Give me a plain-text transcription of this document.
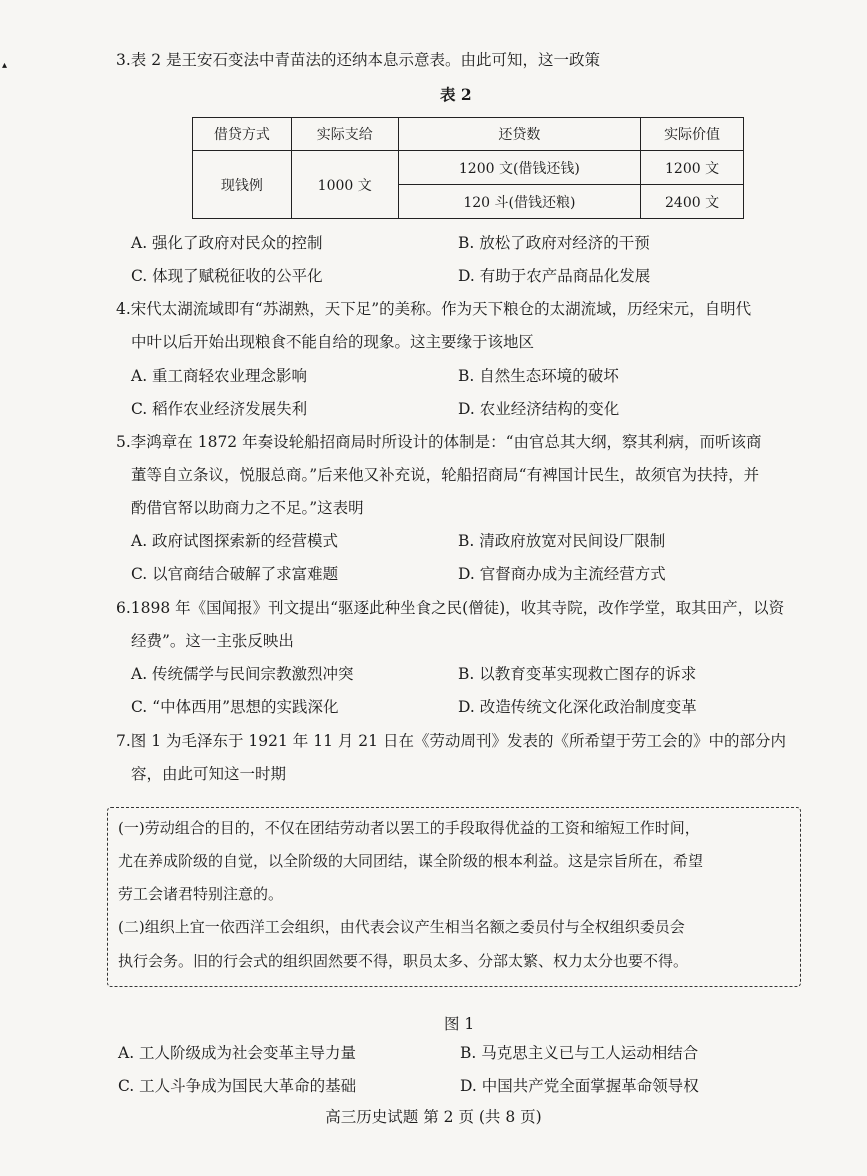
▴	3.表 2 是王安石变法中青苗法的还纳本息示意表。由此可知，这一政策
表 2
借贷方式	实际支给	还贷数	实际价值
现钱例	1000 文	1200 文(借钱还钱)	1200 文
		120 斗(借钱还粮)	2400 文
A. 强化了政府对民众的控制	B. 放松了政府对经济的干预
C. 体现了赋税征收的公平化	D. 有助于农产品商品化发展
4.宋代太湖流域即有“苏湖熟，天下足”的美称。作为天下粮仓的太湖流域，历经宋元，自明代
中叶以后开始出现粮食不能自给的现象。这主要缘于该地区
A. 重工商轻农业理念影响	B. 自然生态环境的破坏
C. 稻作农业经济发展失利	D. 农业经济结构的变化
5.李鸿章在 1872 年奏设轮船招商局时所设计的体制是：“由官总其大纲，察其利病，而听该商
董等自立条议，悦服总商。”后来他又补充说，轮船招商局“有裨国计民生，故须官为扶持，并
酌借官帑以助商力之不足。”这表明
A. 政府试图探索新的经营模式	B. 清政府放宽对民间设厂限制
C. 以官商结合破解了求富难题	D. 官督商办成为主流经营方式
6.1898 年《国闻报》刊文提出“驱逐此种坐食之民(僧徒)，收其寺院，改作学堂，取其田产，以资
经费”。这一主张反映出
A. 传统儒学与民间宗教激烈冲突	B. 以教育变革实现救亡图存的诉求
C. “中体西用”思想的实践深化	D. 改造传统文化深化政治制度变革
7.图 1 为毛泽东于 1921 年 11 月 21 日在《劳动周刊》发表的《所希望于劳工会的》中的部分内
容，由此可知这一时期
(一)劳动组合的目的，不仅在团结劳动者以罢工的手段取得优益的工资和缩短工作时间，
尤在养成阶级的自觉，以全阶级的大同团结，谋全阶级的根本利益。这是宗旨所在，希望
劳工会诸君特别注意的。
(二)组织上宜一依西洋工会组织，由代表会议产生相当名额之委员付与全权组织委员会
执行会务。旧的行会式的组织固然要不得，职员太多、分部太繁、权力太分也要不得。
图 1
A. 工人阶级成为社会变革主导力量	B. 马克思主义已与工人运动相结合
C. 工人斗争成为国民大革命的基础	D. 中国共产党全面掌握革命领导权
高三历史试题 第 2 页 (共 8 页)
